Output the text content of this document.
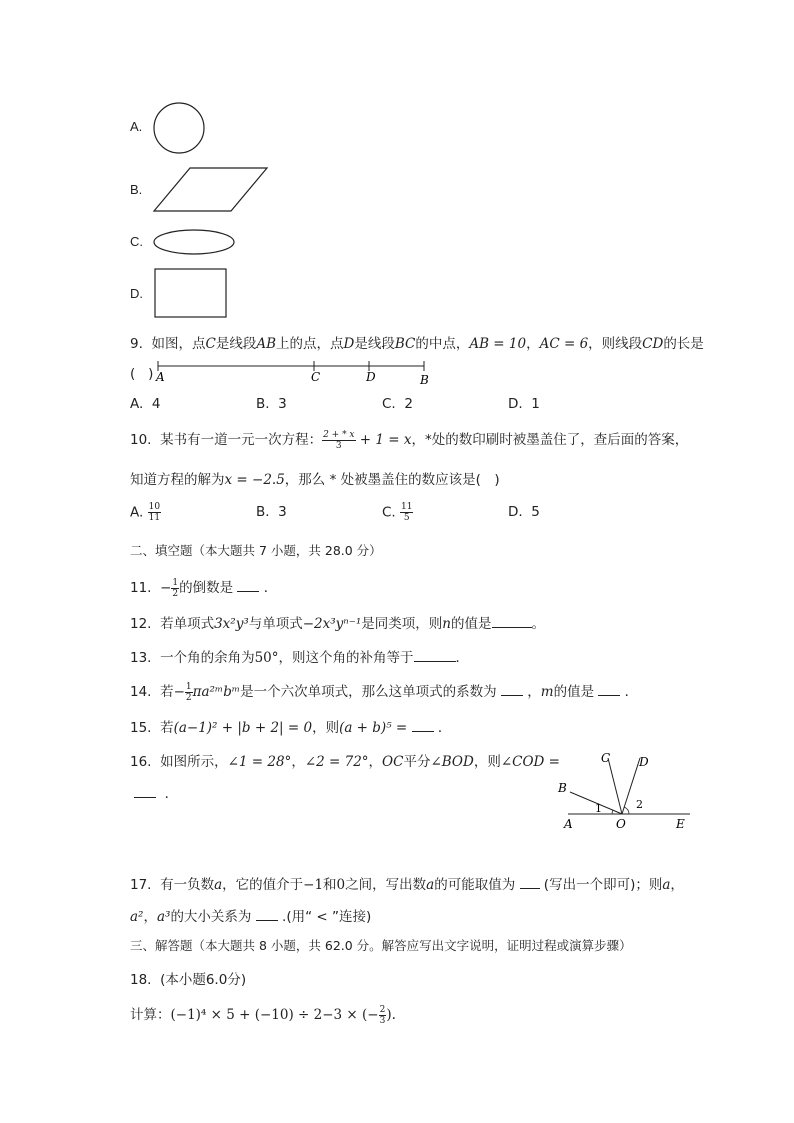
A.
B.
C.
D.
9. 如图，点C是线段AB上的点，点D是线段BC的中点，AB = 10，AC = 6，则线段CD的长是
( ) A	C	D	B
A. 4	B. 3	C. 2	D. 1
10. 某书有一道一元一次方程： $\frac{2 + * x}{3} + 1 = x$，*处的数印刷时被墨盖住了，查后面的答案，
知道方程的解为x = −2.5，那么 * 处被墨盖住的数应该是(　)
A. $\frac{10}{11}$	B. 3	C. $\frac{11}{5}$	D. 5
二、填空题（本大题共 7 小题，共 28.0 分）
11. − $\frac{1}{2}$ 的倒数是 ．
12. 若单项式3x²y³与单项式−2x³yⁿ⁻¹是同类项，则n的值是	。
13. 一个角的余角为50°，则这个角的补角等于	．
14. 若− $\frac{1}{2}$ πa²ᵐbᵐ是一个六次单项式，那么这单项式的系数为 ，m的值是 ．
15. 若(a−1)² + |b + 2| = 0，则(a + b)⁵ = ．
16. 如图所示，∠1 = 28°，∠2 = 72°，OC平分∠BOD，则∠COD =
．
C D
B
1	2
A	O	E
17. 有一负数a，它的值介于−1和0之间，写出数a的可能取值为 (写出一个即可)；则a，
a²，a³的大小关系为 .(用“ < ”连接)
三、解答题（本大题共 8 小题，共 62.0 分。解答应写出文字说明，证明过程或演算步骤）
18. (本小题6.0分)
计算：(−1)⁴ × 5 + (−10) ÷ 2−3 × (− $\frac{2}{3}$ ).
